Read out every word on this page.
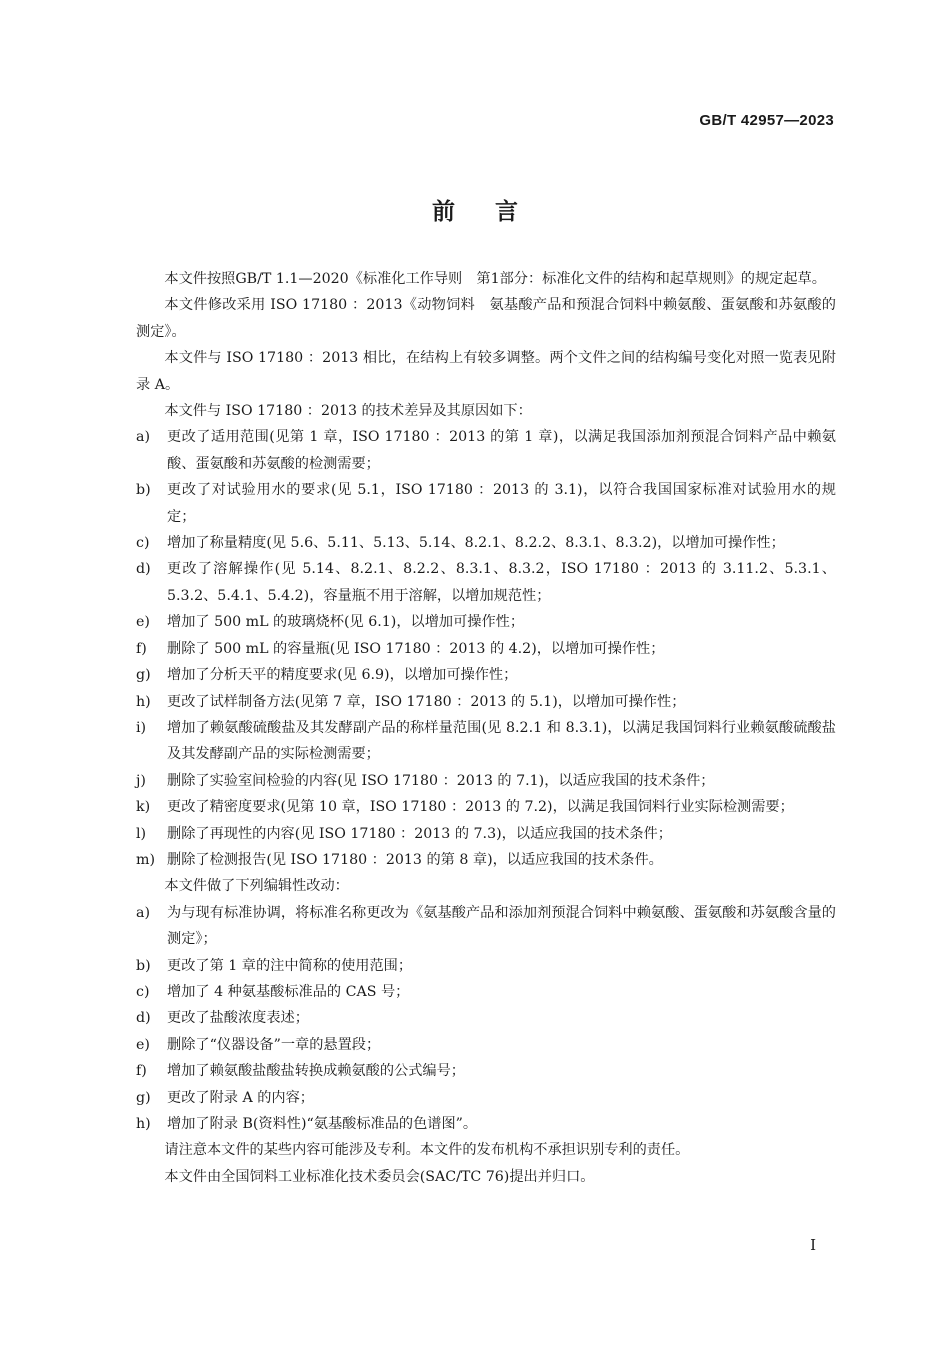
GB/T 42957—2023
前言

本文件按照GB/T 1.1—2020《标准化工作导则　第1部分：标准化文件的结构和起草规则》的规定起草。

本文件修改采用 ISO 17180 ：2013《动物饲料　氨基酸产品和预混合饲料中赖氨酸、蛋氨酸和苏氨酸的测定》。

本文件与 ISO 17180 ：2013 相比，在结构上有较多调整。两个文件之间的结构编号变化对照一览表见附录 A。

本文件与 ISO 17180 ：2013 的技术差异及其原因如下：

a)	更改了适用范围(见第 1 章，ISO 17180 ：2013 的第 1 章)，以满足我国添加剂预混合饲料产品中赖氨酸、蛋氨酸和苏氨酸的检测需要；
b)	更改了对试验用水的要求(见 5.1，ISO 17180 ：2013 的 3.1)，以符合我国国家标准对试验用水的规定；
c)	增加了称量精度(见 5.6、5.11、5.13、5.14、8.2.1、8.2.2、8.3.1、8.3.2)，以增加可操作性；
d)	更改了溶解操作(见 5.14、8.2.1、8.2.2、8.3.1、8.3.2，ISO 17180 ：2013 的 3.11.2、5.3.1、5.3.2、5.4.1、5.4.2)，容量瓶不用于溶解，以增加规范性；
e)	增加了 500 mL 的玻璃烧杯(见 6.1)，以增加可操作性；
f)	删除了 500 mL 的容量瓶(见 ISO 17180 ：2013 的 4.2)，以增加可操作性；
g)	增加了分析天平的精度要求(见 6.9)，以增加可操作性；
h)	更改了试样制备方法(见第 7 章，ISO 17180 ：2013 的 5.1)，以增加可操作性；
i)	增加了赖氨酸硫酸盐及其发酵副产品的称样量范围(见 8.2.1 和 8.3.1)，以满足我国饲料行业赖氨酸硫酸盐及其发酵副产品的实际检测需要；
j)	删除了实验室间检验的内容(见 ISO 17180 ：2013 的 7.1)，以适应我国的技术条件；
k)	更改了精密度要求(见第 10 章，ISO 17180 ：2013 的 7.2)，以满足我国饲料行业实际检测需要；
l)	删除了再现性的内容(见 ISO 17180 ：2013 的 7.3)，以适应我国的技术条件；
m) 删除了检测报告(见 ISO 17180 ：2013 的第 8 章)，以适应我国的技术条件。

本文件做了下列编辑性改动：

a)	为与现有标准协调，将标准名称更改为《氨基酸产品和添加剂预混合饲料中赖氨酸、蛋氨酸和苏氨酸含量的测定》；
b)	更改了第 1 章的注中简称的使用范围；
c)	增加了 4 种氨基酸标准品的 CAS 号；
d)	更改了盐酸浓度表述；
e)	删除了“仪器设备”一章的悬置段；
f)	增加了赖氨酸盐酸盐转换成赖氨酸的公式编号；
g)	更改了附录 A 的内容；
h)	增加了附录 B(资料性)“氨基酸标准品的色谱图”。

请注意本文件的某些内容可能涉及专利。本文件的发布机构不承担识别专利的责任。

本文件由全国饲料工业标准化技术委员会(SAC/TC 76)提出并归口。

I
